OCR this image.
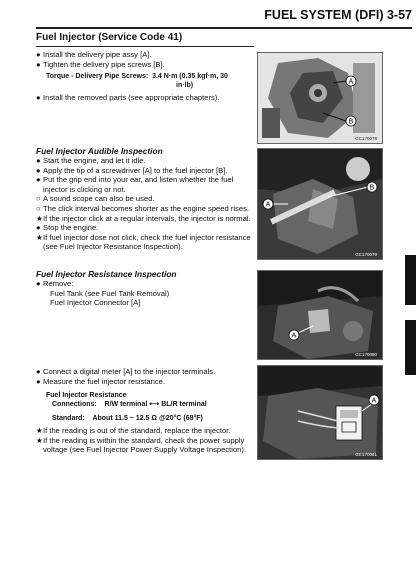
FUEL SYSTEM (DFI) 3-57
Fuel Injector (Service Code 41)
● Install the delivery pipe assy [A].
● Tighten the delivery pipe screws [B].
Torque - Delivery Pipe Screws: 3.4 N·m (0.35 kgf·m, 30
in·lb)
● Install the removed parts (see appropriate chapters).
Fuel Injector Audible Inspection
● Start the engine, and let it idle.
● Apply the tip of a screwdriver [A] to the fuel injector [B].
● Put the grip end into your ear, and listen whether the fuel injector is clicking or not.
○ A sound scope can also be used.
○ The click interval becomes shorter as the engine speed rises.
★ If the injector click at a regular intervals, the injector is normal.
● Stop the engine.
★ If fuel injector dose not click, check the fuel injector resistance (see Fuel Injector Resistance Inspection).
Fuel Injector Resistance Inspection
● Remove:
Fuel Tank (see Fuel Tank Removal)
Fuel Injector Connector [A]
● Connect a digital meter [A] to the injector terminals.
● Measure the fuel injector resistance.
Fuel Injector Resistance
Connections: R/W terminal ⟷ BL/R terminal
Standard: About 11.5 ~ 12.5 Ω @20°C (68°F)
★ If the reading is out of the standard, replace the injector.
★ If the reading is within the standard, check the power supply voltage (see Fuel Injector Power Supply Voltage Inspection).
A
B
GC170078
B
A
GC170079
A
GC170080
A
GC170081
